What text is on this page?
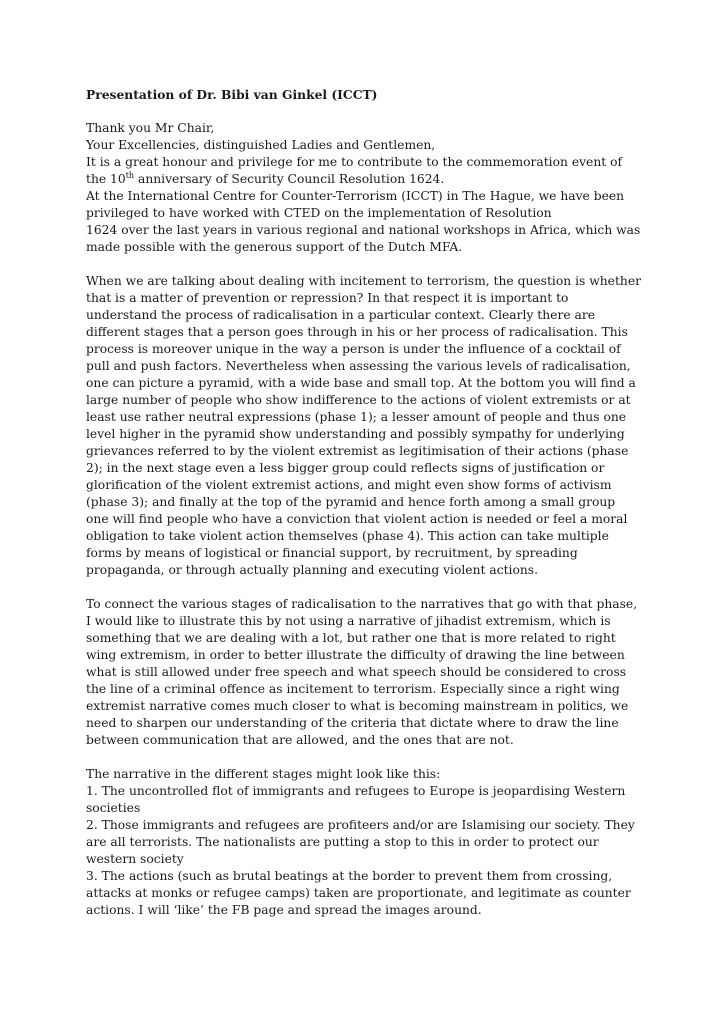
Presentation of Dr. Bibi van Ginkel (ICCT)
Thank you Mr Chair,
Your Excellencies, distinguished Ladies and Gentlemen,
It is a great honour and privilege for me to contribute to the commemoration event of
the 10th anniversary of Security Council Resolution 1624.
At the International Centre for Counter-Terrorism (ICCT) in The Hague, we have been
privileged to have worked with CTED on the implementation of Resolution
1624 over the last years in various regional and national workshops in Africa, which was
made possible with the generous support of the Dutch MFA.
When we are talking about dealing with incitement to terrorism, the question is whether
that is a matter of prevention or repression? In that respect it is important to
understand the process of radicalisation in a particular context. Clearly there are
different stages that a person goes through in his or her process of radicalisation. This
process is moreover unique in the way a person is under the influence of a cocktail of
pull and push factors. Nevertheless when assessing the various levels of radicalisation,
one can picture a pyramid, with a wide base and small top. At the bottom you will find a
large number of people who show indifference to the actions of violent extremists or at
least use rather neutral expressions (phase 1); a lesser amount of people and thus one
level higher in the pyramid show understanding and possibly sympathy for underlying
grievances referred to by the violent extremist as legitimisation of their actions (phase
2); in the next stage even a less bigger group could reflects signs of justification or
glorification of the violent extremist actions, and might even show forms of activism
(phase 3); and finally at the top of the pyramid and hence forth among a small group
one will find people who have a conviction that violent action is needed or feel a moral
obligation to take violent action themselves (phase 4). This action can take multiple
forms by means of logistical or financial support, by recruitment, by spreading
propaganda, or through actually planning and executing violent actions.
To connect the various stages of radicalisation to the narratives that go with that phase,
I would like to illustrate this by not using a narrative of jihadist extremism, which is
something that we are dealing with a lot, but rather one that is more related to right
wing extremism, in order to better illustrate the difficulty of drawing the line between
what is still allowed under free speech and what speech should be considered to cross
the line of a criminal offence as incitement to terrorism. Especially since a right wing
extremist narrative comes much closer to what is becoming mainstream in politics, we
need to sharpen our understanding of the criteria that dictate where to draw the line
between communication that are allowed, and the ones that are not.
The narrative in the different stages might look like this:
1. The uncontrolled flot of immigrants and refugees to Europe is jeopardising Western
societies
2. Those immigrants and refugees are profiteers and/or are Islamising our society. They
are all terrorists. The nationalists are putting a stop to this in order to protect our
western society
3. The actions (such as brutal beatings at the border to prevent them from crossing,
attacks at monks or refugee camps) taken are proportionate, and legitimate as counter
actions. I will ‘like’ the FB page and spread the images around.
